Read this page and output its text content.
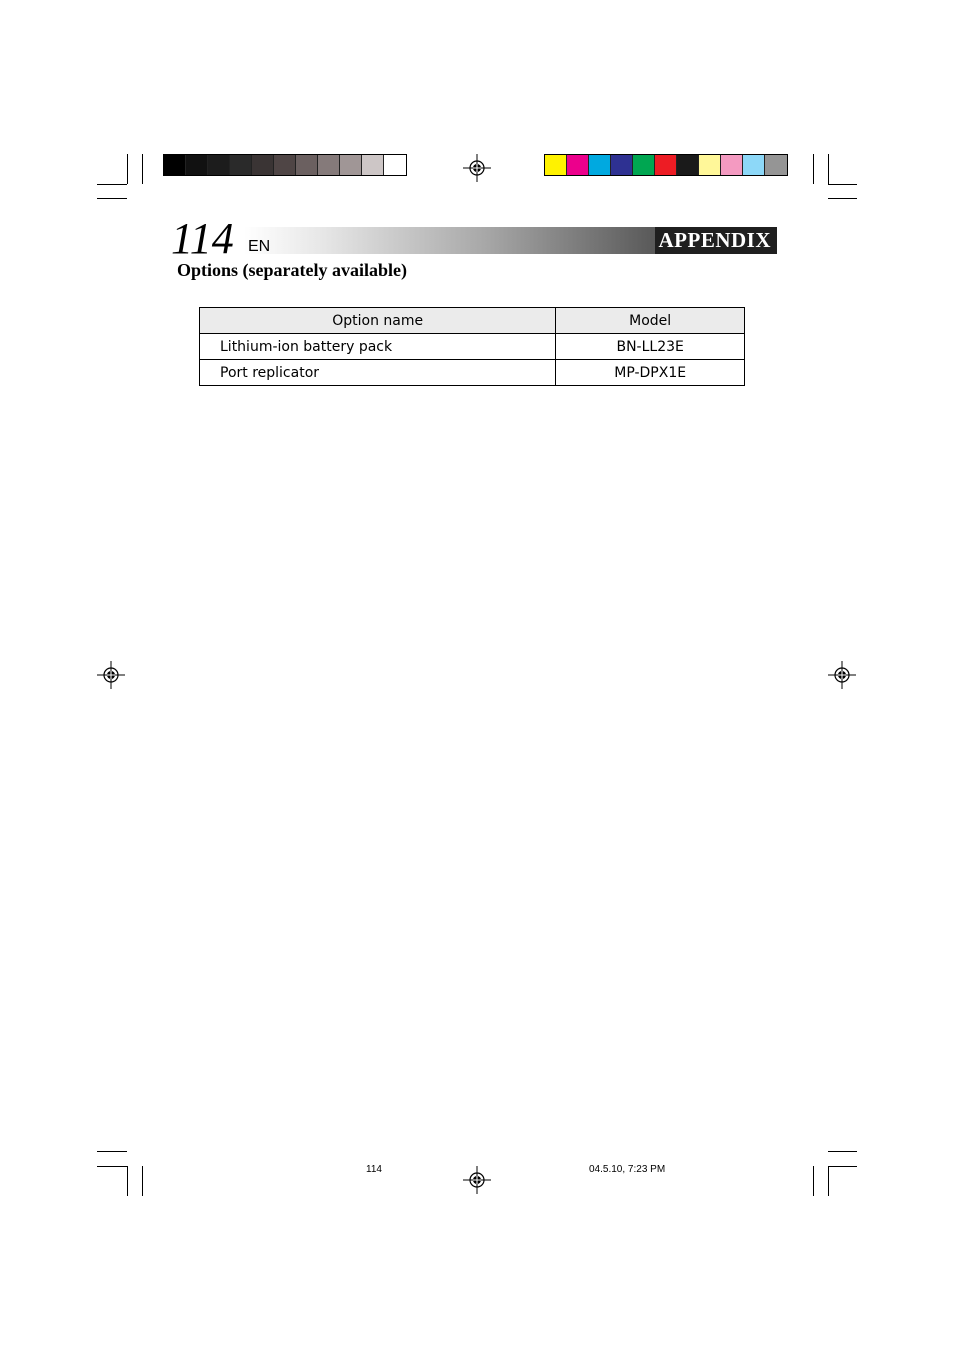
APPENDIX
114 EN
Options (separately available)
Option name	Model
Lithium-ion battery pack	BN-LL23E
Port replicator	MP-DPX1E
114	04.5.10, 7:23 PM
